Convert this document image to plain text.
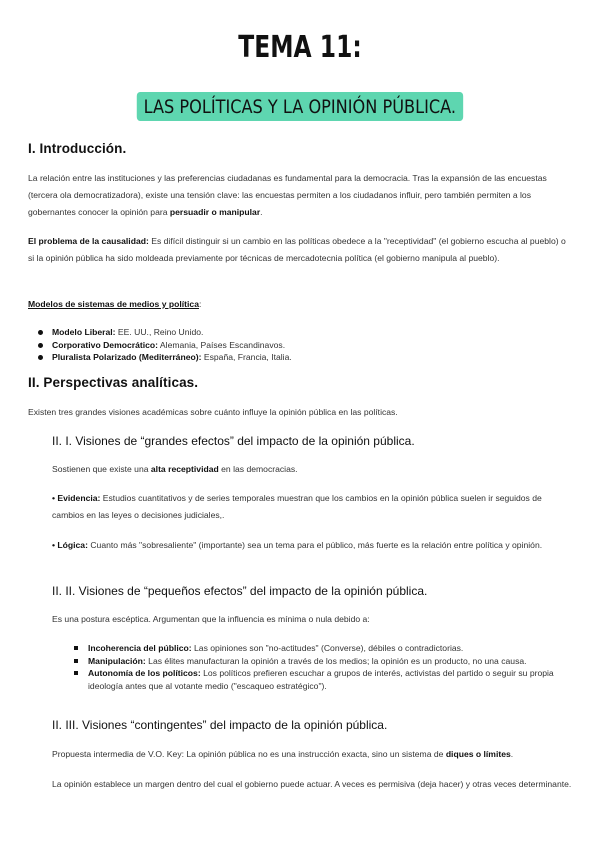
TEMA 11:
LAS POLÍTICAS Y LA OPINIÓN PÚBLICA.
I. Introducción.
La relación entre las instituciones y las preferencias ciudadanas es fundamental para la democracia. Tras la expansión de las encuestas (tercera ola democratizadora), existe una tensión clave: las encuestas permiten a los ciudadanos influir, pero también permiten a los gobernantes conocer la opinión para persuadir o manipular.
El problema de la causalidad: Es difícil distinguir si un cambio en las políticas obedece a la "receptividad" (el gobierno escucha al pueblo) o si la opinión pública ha sido moldeada previamente por técnicas de mercadotecnia política (el gobierno manipula al pueblo).
Modelos de sistemas de medios y política:
Modelo Liberal: EE. UU., Reino Unido.
Corporativo Democrático: Alemania, Países Escandinavos.
Pluralista Polarizado (Mediterráneo): España, Francia, Italia.
II. Perspectivas analíticas.
Existen tres grandes visiones académicas sobre cuánto influye la opinión pública en las políticas.
II. I. Visiones de “grandes efectos” del impacto de la opinión pública.
Sostienen que existe una alta receptividad en las democracias.
• Evidencia: Estudios cuantitativos y de series temporales muestran que los cambios en la opinión pública suelen ir seguidos de cambios en las leyes o decisiones judiciales,.
• Lógica: Cuanto más "sobresaliente" (importante) sea un tema para el público, más fuerte es la relación entre política y opinión.
II. II. Visiones de “pequeños efectos” del impacto de la opinión pública.
Es una postura escéptica. Argumentan que la influencia es mínima o nula debido a:
Incoherencia del público: Las opiniones son "no-actitudes" (Converse), débiles o contradictorias.
Manipulación: Las élites manufacturan la opinión a través de los medios; la opinión es un producto, no una causa.
Autonomía de los políticos: Los políticos prefieren escuchar a grupos de interés, activistas del partido o seguir su propia ideología antes que al votante medio ("escaqueo estratégico").
II. III. Visiones “contingentes” del impacto de la opinión pública.
Propuesta intermedia de V.O. Key: La opinión pública no es una instrucción exacta, sino un sistema de diques o límites.
La opinión establece un margen dentro del cual el gobierno puede actuar. A veces es permisiva (deja hacer) y otras veces determinante.
